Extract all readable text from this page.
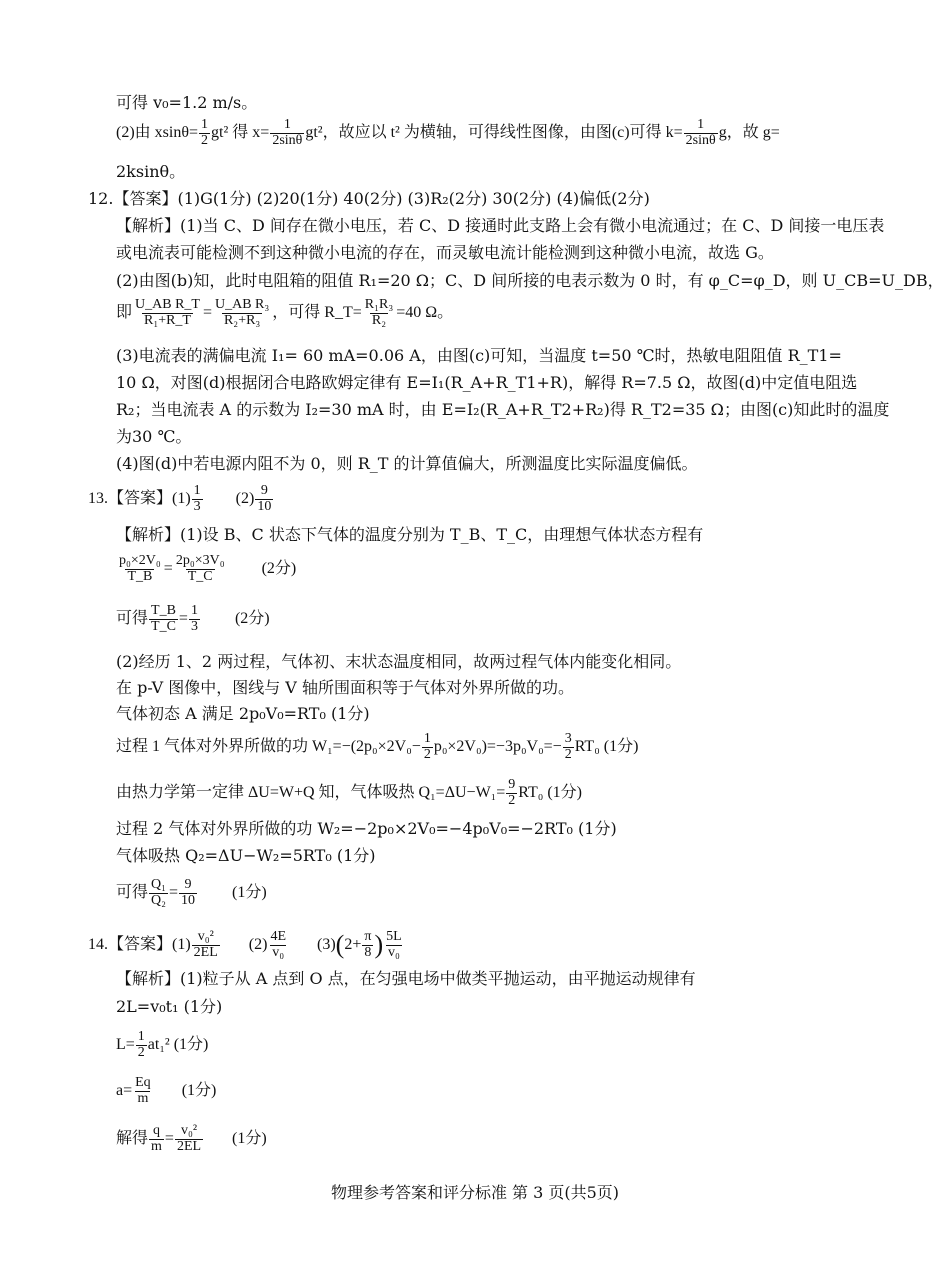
可得 v₀=1.2 m/s。
(2)由 $xsin\theta= \frac{1}{2} gt^2$ 得 $x= \frac{1}{2\sin\theta} gt^2$，故应以 t² 为横轴，可得线性图像，由图(c)可得 $k= \frac{1}{2\sin\theta}$ g，故 g=
2ksinθ。
12.【答案】(1)G(1分) (2)20(1分) 40(2分) (3)R₂(2分) 30(2分) (4)偏低(2分)
【解析】(1)当 C、D 间存在微小电压，若 C、D 接通时此支路上会有微小电流通过；在 C、D 间接一电压表
或电流表可能检测不到这种微小电流的存在，而灵敏电流计能检测到这种微小电流，故选 G。
(2)由图(b)知，此时电阻箱的阻值 R₁=20 Ω；C、D 间所接的电表示数为 0 时，有 φ_C=φ_D，则 U_CB=U_DB，
即 $\frac{\text{U\_AB R\_T}}{\text{R₁+R\_T}} = \frac{\text{U\_AB R₃}}{\text{R₂+R₃}}$ ，可得 R_T= $\frac{\text{R₁R₃}}{\text{R₂}} =40$ Ω。
(3)电流表的满偏电流 I₁= 60 mA=0.06 A，由图(c)可知，当温度 t=50 ℃时，热敏电阻阻值 R_T1=
10 Ω，对图(d)根据闭合电路欧姆定律有 E=I₁(R_A+R_T1+R)，解得 R=7.5 Ω，故图(d)中定值电阻选
R₂；当电流表 A 的示数为 I₂=30 mA 时，由 E=I₂(R_A+R_T2+R₂)得 R_T2=35 Ω；由图(c)知此时的温度
为30 ℃。
(4)图(d)中若电源内阻不为 0，则 R_T 的计算值偏大，所测温度比实际温度偏低。
13.【答案】$(1) \frac{1}{3} (2) \frac{9}{10}$
【解析】(1)设 B、C 状态下气体的温度分别为 T_B、T_C，由理想气体状态方程有
$\frac{\text{p₀×2V₀}}{T\_B} = \frac{\text{2p₀×3V₀}}{T\_C} (2$分)
可得 $\frac{T\_B}{T\_C} = \frac{1}{3} (2$分)
(2)经历 1、2 两过程，气体初、末状态温度相同，故两过程气体内能变化相同。
在 p-V 图像中，图线与 V 轴所围面积等于气体对外界所做的功。
气体初态 A 满足 2p₀V₀=RT₀ (1分)
过程 1 气体对外界所做的功 $W_1=-(2p_0\times 2V_0- \frac{1}{2} p_0\times 2V_0)=-3p_0V_0=- \frac{3}{2} RT_0$ (1分)
由热力学第一定律 ΔU=W+Q 知，气体吸热 $Q_1=\Delta U-W_1= \frac{9}{2} RT_0$ (1分)
过程 2 气体对外界所做的功 W₂=−2p₀×2V₀=−4p₀V₀=−2RT₀ (1分)
气体吸热 Q₂=ΔU−W₂=5RT₀ (1分)
可得 $\frac{\text{Q₁}}{\text{Q₂}} = \frac{9}{10} (1$分)
14.【答案】$(1) \frac{\text{v₀²}}{2EL} (2) \frac{4E}{\text{v₀}} (3)(2+ \frac{\pi}{8}$ ) $\frac{5L}{\text{v₀}}$
【解析】(1)粒子从 A 点到 O 点，在匀强电场中做类平抛运动，由平抛运动规律有
2L=v₀t₁ (1分)
$L= \frac{1}{2} at_1^2$ (1分)
$a= \frac{Eq}{m} (1$分)
解得 $\frac{q}{m} = \frac{\text{v₀²}}{2EL} (1$分)
物理参考答案和评分标准 第 3 页(共5页)
